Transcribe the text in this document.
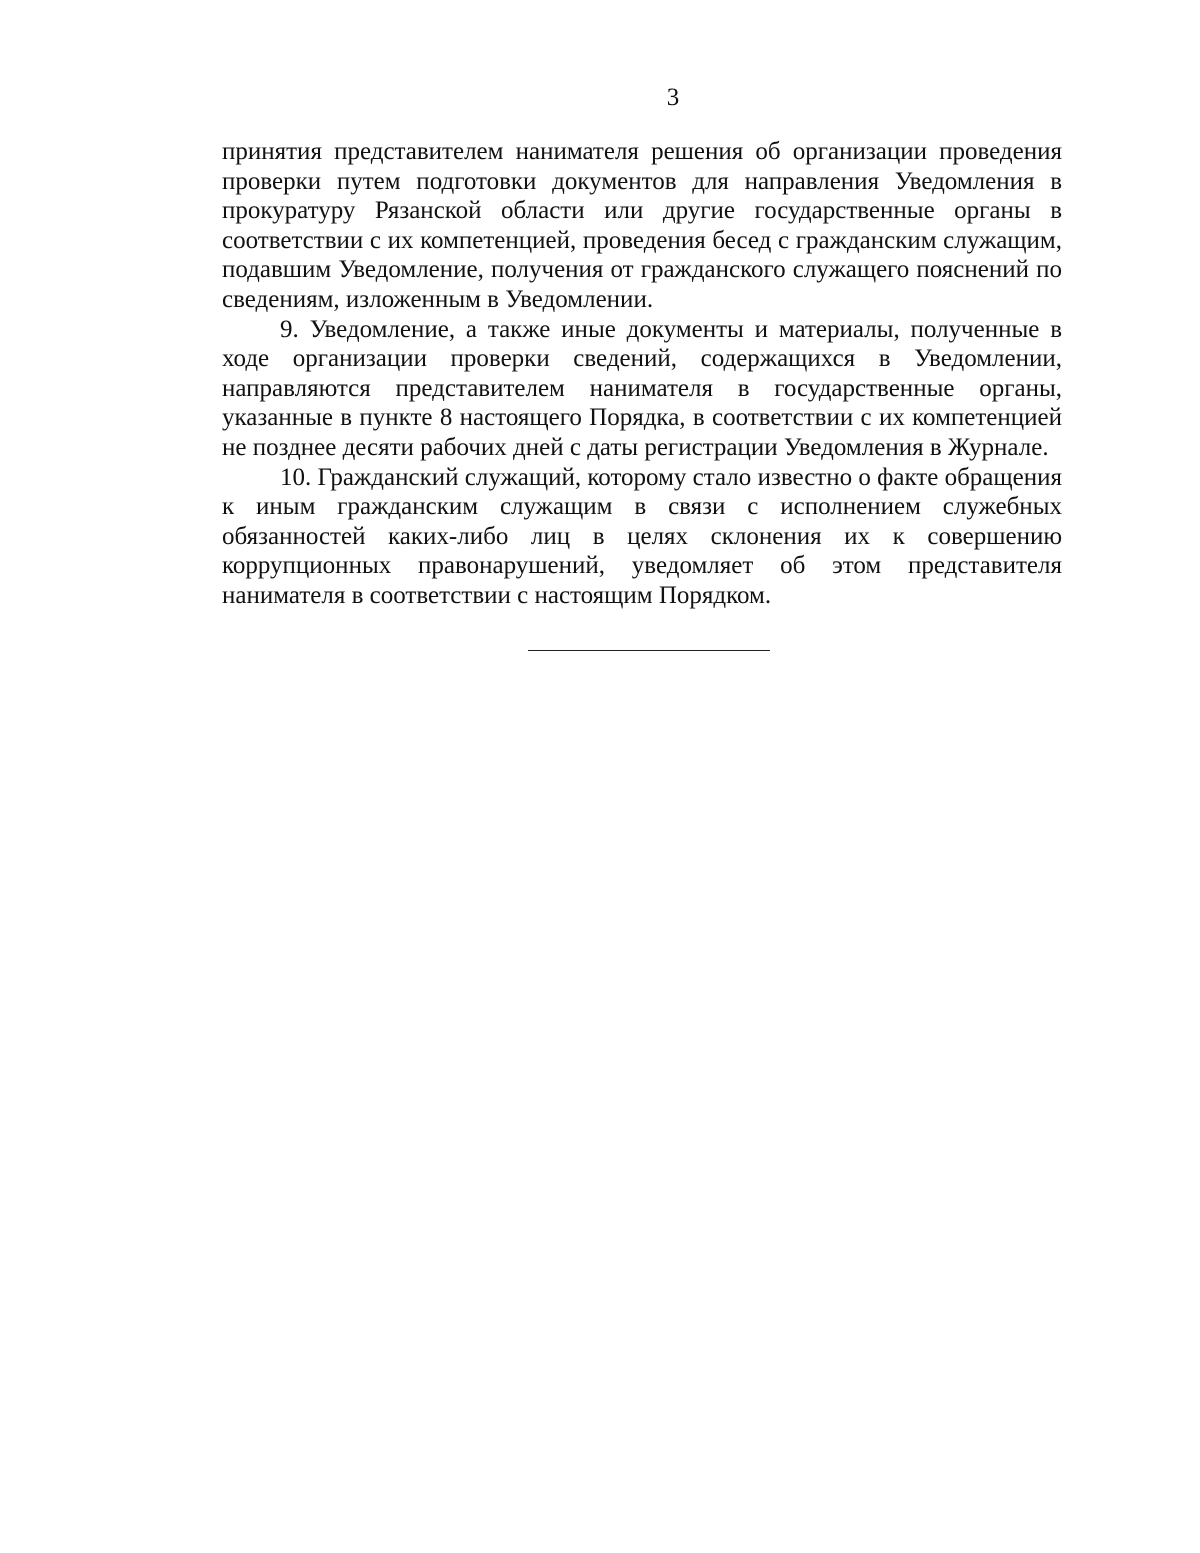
3

принятия представителем нанимателя решения об организации проведения проверки путем подготовки документов для направления Уведомления в прокуратуру Рязанской области или другие государственные органы в соответствии с их компетенцией, проведения бесед с гражданским служащим, подавшим Уведомление, получения от гражданского служащего пояснений по сведениям, изложенным в Уведомлении.

9. Уведомление, а также иные документы и материалы, полученные в ходе организации проверки сведений, содержащихся в Уведомлении, направляются представителем нанимателя в государственные органы, указанные в пункте 8 настоящего Порядка, в соответствии с их компетенцией не позднее десяти рабочих дней с даты регистрации Уведомления в Журнале.

10. Гражданский служащий, которому стало известно о факте обращения к иным гражданским служащим в связи с исполнением служебных обязанностей каких-либо лиц в целях склонения их к совершению коррупционных правонарушений, уведомляет об этом представителя нанимателя в соответствии с настоящим Порядком.
